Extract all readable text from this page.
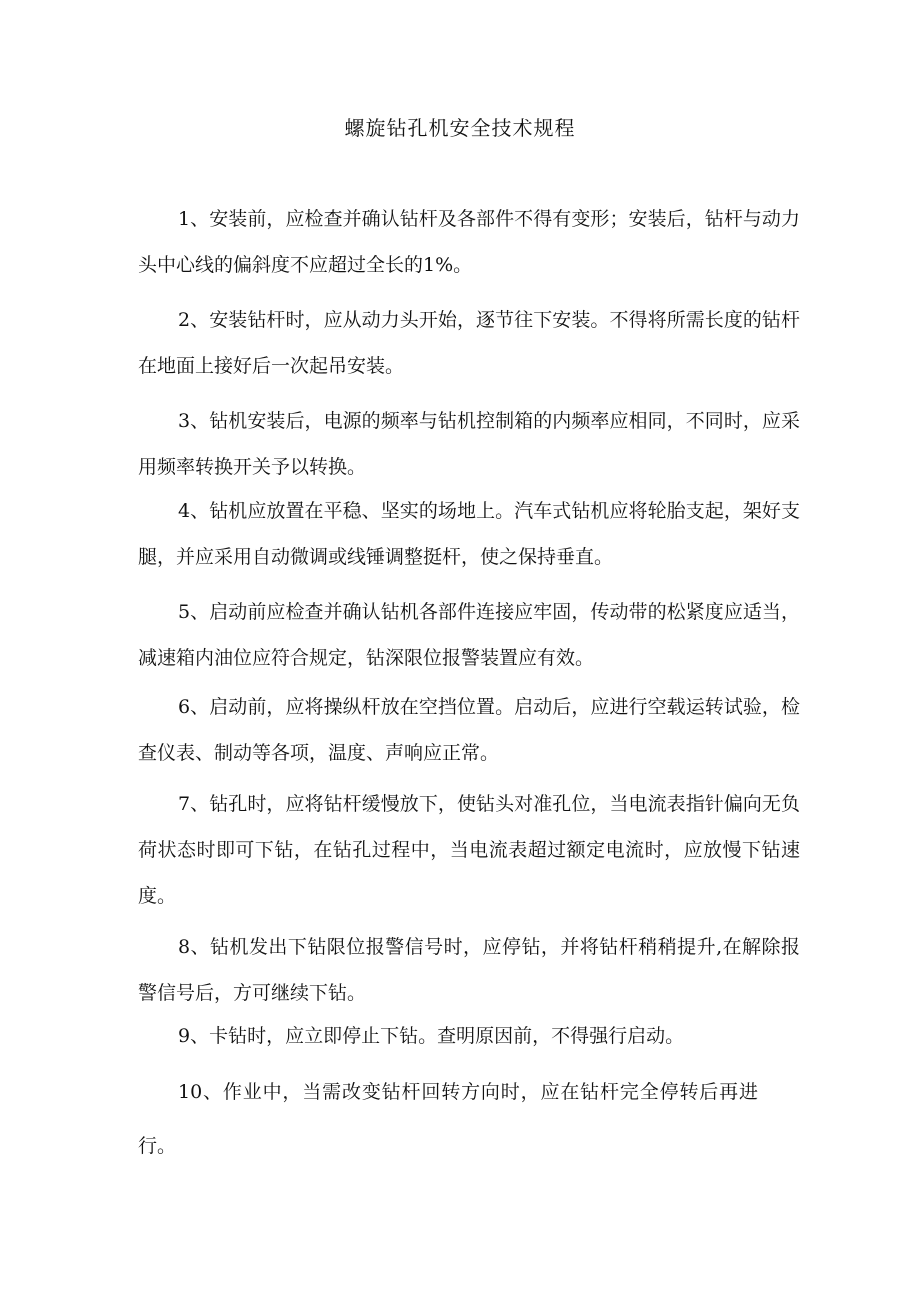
螺旋钻孔机安全技术规程

1、安装前，应检查并确认钻杆及各部件不得有变形；安装后，钻杆与动力头中心线的偏斜度不应超过全长的1%。

2、安装钻杆时，应从动力头开始，逐节往下安装。不得将所需长度的钻杆在地面上接好后一次起吊安装。

3、钻机安装后，电源的频率与钻机控制箱的内频率应相同，不同时，应采用频率转换开关予以转换。

4、钻机应放置在平稳、坚实的场地上。汽车式钻机应将轮胎支起，架好支腿，并应采用自动微调或线锤调整挺杆，使之保持垂直。

5、启动前应检查并确认钻机各部件连接应牢固，传动带的松紧度应适当，减速箱内油位应符合规定，钻深限位报警装置应有效。

6、启动前，应将操纵杆放在空挡位置。启动后，应进行空载运转试验，检查仪表、制动等各项，温度、声响应正常。

7、钻孔时，应将钻杆缓慢放下，使钻头对准孔位，当电流表指针偏向无负荷状态时即可下钻，在钻孔过程中，当电流表超过额定电流时，应放慢下钻速度。

8、钻机发出下钻限位报警信号时，应停钻，并将钻杆稍稍提升,在解除报警信号后，方可继续下钻。

9、卡钻时，应立即停止下钻。查明原因前，不得强行启动。

10、作业中，当需改变钻杆回转方向时，应在钻杆完全停转后再进行。
